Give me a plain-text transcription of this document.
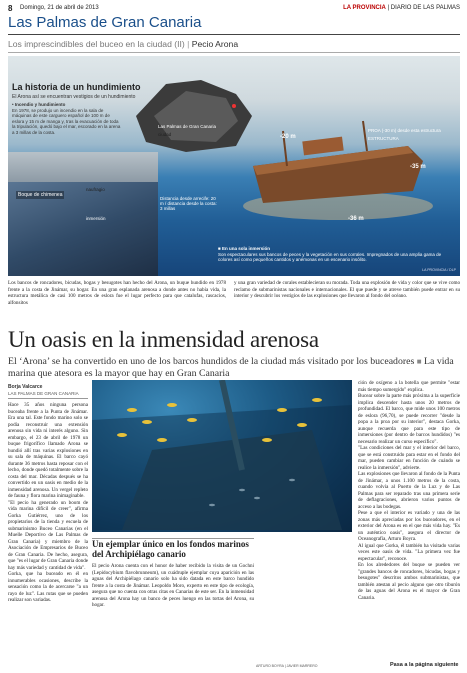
8 Domingo, 21 de abril de 2013	LA PROVINCIA | DIARIO DE LAS PALMAS
Las Palmas de Gran Canaria
Los imprescindibles del buceo en la ciudad (II) | Pecio Arona
Boque de chimenea
La historia de un hundimiento
El Arona así se encuentran vestigios de un hundimiento
• Incendio y hundimiento
En 1978, se produjo un incendio en la sala de máquinas de este carguero español de 100 m de eslora y 15 m de manga y, tras la evacuación de toda la tripulación, quedó bajo el mar, escorado en la arena a 3 millas de la costa.
Las Palmas de Gran Canaria
ciudad
PROA (-30 m) desde esta estructura
ESTRUCTURA
-20 m
-35 m
-36 m
Distancia desde arrecife: 20 m / distancia desde la costa: 3 millas
naufragio
inmersión
■ En una sola inmersión
Son espectaculares sus bancos de peces y la vegetación en sus corrales. Impregnados de una amplia gama de colores así como pequeños cantidos y anémonas en un escenario insólito.
LA PROVINCIA / DLP
Los bancos de roncadores, bicudas, bogas y besugotes han hecho del Arona, un buque hundido en 1978 frente a la costa de Jinámar, su hogar. En una gran esplanada arenosa a donde antes no había vida, la estructura metálica de casi 100 metros de eslora fue el lugar perfecto para que catalufas, rascacios, alfonsitos
y una gran variedad de corales establecieran su morada. Toda una explosión de vida y color que se vive como reclamo de submarinistas nacionales e internacionales. El que puede y se atreve también puede entrar en su interior y descubrir los vestigios de las explosiones que llevaron al fondo del océano.
Un oasis en la inmensidad arenosa
El ‘Arona’ se ha convertido en uno de los barcos hundidos de la ciudad más visitado por los buceadores ■ La vida marina que atesora es la mayor que hay en Gran Canaria
Borja Valcarce
LAS PALMAS DE GRAN CANARIA
Hace 35 años ninguna persona buceaba frente a la Punta de Jinámar. Era una tal. Este fondo marino solo se podía reconstruir una extensión arenosa sin vida ni interés alguno. Sin embargo, el 23 de abril de 1978 un buque frigorífico llamado Arona se hundió allí tras varias explosiones en su sala de máquinas. El barco cayó durante 36 metros hasta reposar con el lecho, donde quedó totalmente sobre la costa del mar. Décadas después se ha convertido en un oasis en medio de la inmensidad arenosa. Un vergel repleto de fauna y flora marina inimaginable.
"El pecio ha generado un boom de vida marina difícil de creer", afirma Gorka Gutiérrez, uno de los propietarios de la tienda y escuela de submarinismo Buceo Canarias (en el Muelle Deportivo de Las Palmas de Gran Canaria) y miembro de la Asociación de Empresarios de Buceo de Gran Canaria. De hecho, asegura, que "es el lugar de Gran Canaria donde hay más variedad y cantidad de vida".
Gorka, que ha buceado en él en innumerables ocasiones, describe la sensación como la de acercarse "a un rayo de luz". Las rutas que se pueden realizar son variadas.
ción de oxígeno a la botella que permite "estar más tiempo sumergido" explica.
Bucear sobre la parte más próxima a la superficie implica descender hasta unos 20 metros de profundidad. El barco, que mide unos 100 metros de eslora (96,70), se puede recorrer "desde la popa a la proa por su interior", destaca Gorka, aunque recuerda que para este tipo de inmersiones (por dentro de barcos hundidos) "es necesario realizar un curso específico".
"Las condiciones del mar y el interior del barco, que se está construido para estar en el fondo del mar, pueden cambiar en función de cuándo se realice la inmersión", advierte.
Las explosiones que llevaron al fondo de la Punta de Jinámar, a unos 1.100 metros de la costa, cuando volvía al Puerto de la Luz y de Las Palmas para ser reparado tras una primera serie de deflagraciones, abrieron varios puntos de acceso a las bodegas.
Pese a que el interior es variado y una de las zonas más apreciadas por los buceadores, en el exterior del Arona es en el que más vida hay. "Es un auténtico oasis", asegura el director de Oceanografía, Arturo Boyra.
Al igual que Gorka, él también ha visitado varias veces este oasis de vida. "La primera vez fue espectacular", reconoce.
En los alrededores del buque se pueden ver "grandes bancos de roncadores, bicudas, bogas y besugotes" descritos ambos submarinistas, que también atestan al pecio alguno que otro tiburón de las aguas del Arona es el mayor de Gran Canaria.
Un ejemplar único en los fondos marinos del Archipiélago canario
El pecio Arona cuenta con el honor de haber recibido la visita de un Gochni (Lepidocybium flavobrunneum), un cuádruple ejemplar cuya aparición en las aguas del Archipiélago canario solo ha sido datada en este barco hundido frente a la costa de Jinámar. Leopoldo Moro, experto en este tipo de ecología, asegura que no cuenta con otras citas en Canarias de este ser. En la inmensidad arenosa del Arona hay un banco de peces luengo en las tortas del Arona, su hogar.
ARTURO BOYRA | JAVIER MARRERO	Pasa a la página siguiente
